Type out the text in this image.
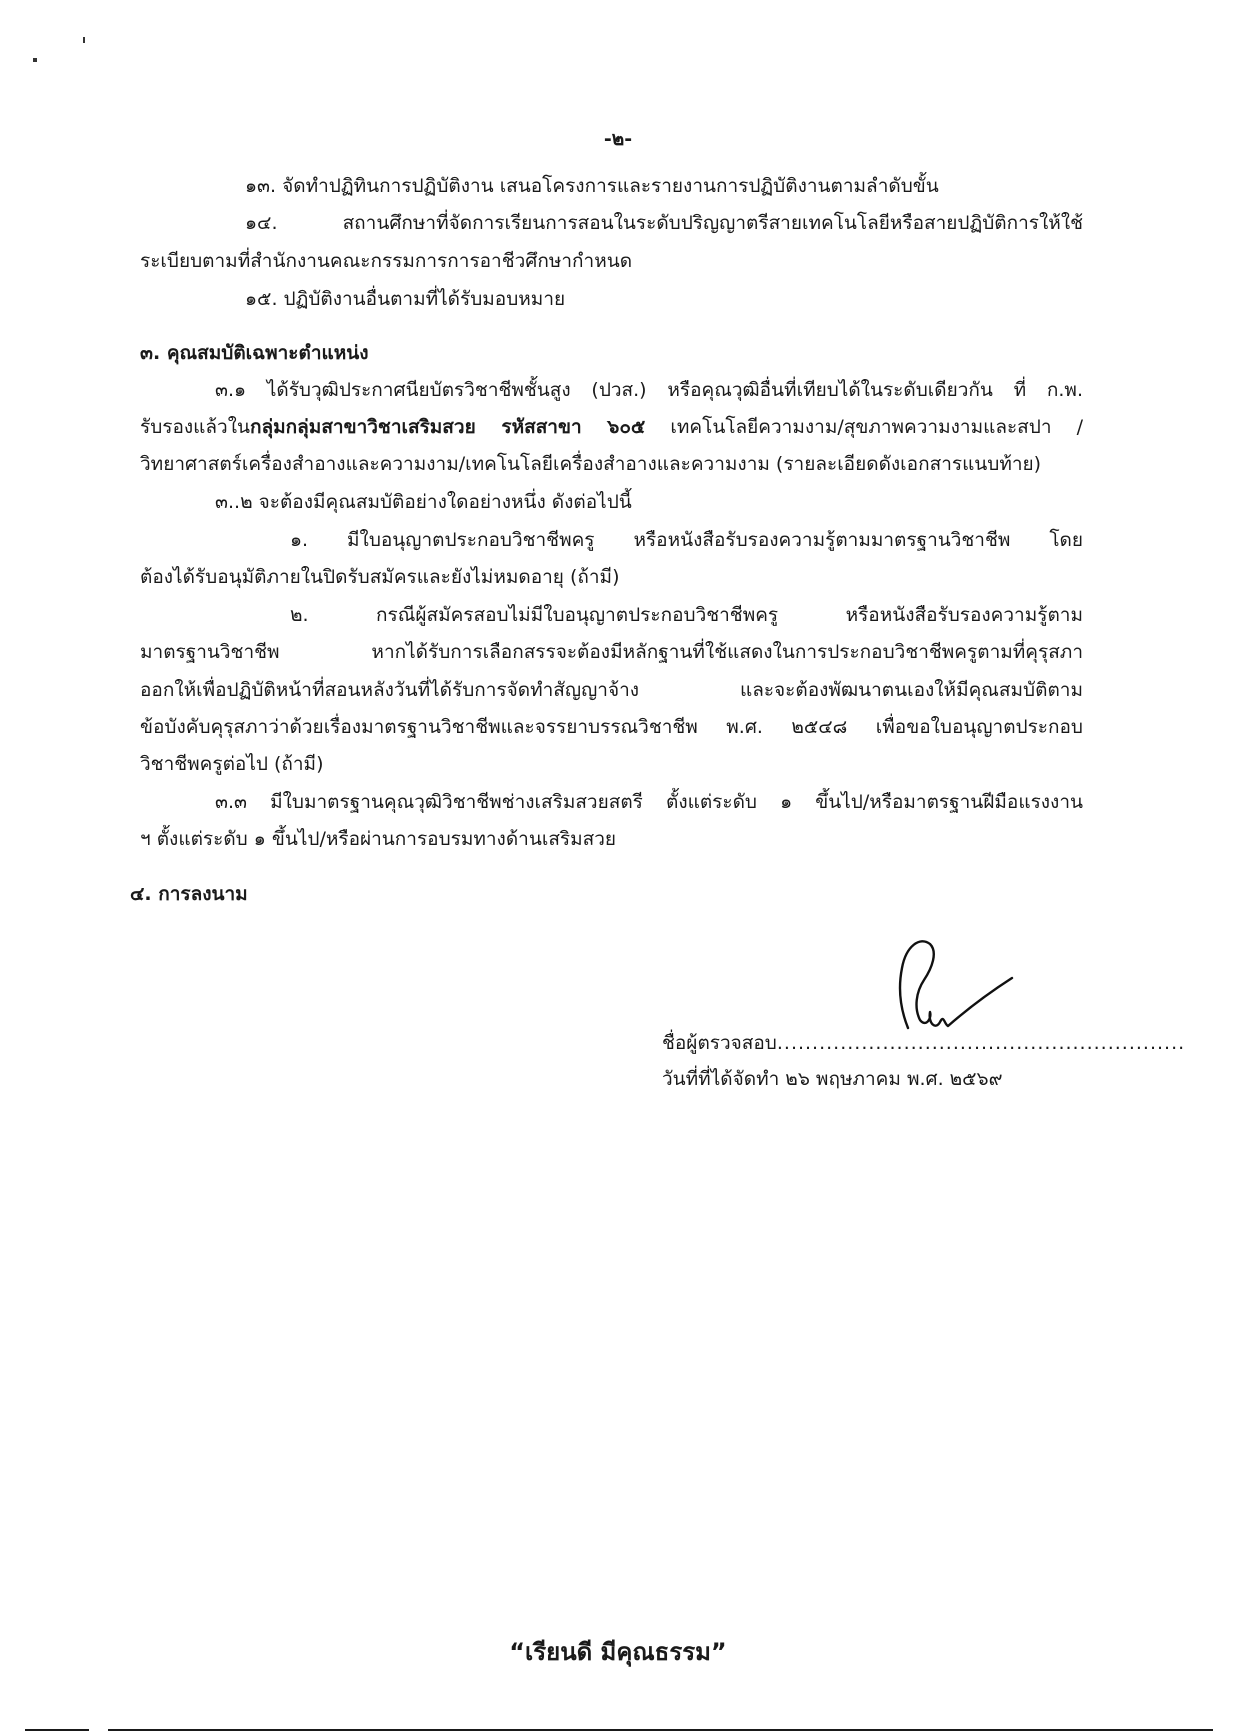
-๒-
๑๓. จัดทำปฏิทินการปฏิบัติงาน เสนอโครงการและรายงานการปฏิบัติงานตามลำดับขั้น
๑๔. สถานศึกษาที่จัดการเรียนการสอนในระดับปริญญาตรีสายเทคโนโลยีหรือสายปฏิบัติการให้ใช้
ระเบียบตามที่สำนักงานคณะกรรมการการอาชีวศึกษากำหนด
๑๕. ปฏิบัติงานอื่นตามที่ได้รับมอบหมาย
๓. คุณสมบัติเฉพาะตำแหน่ง
๓.๑ ได้รับวุฒิประกาศนียบัตรวิชาชีพชั้นสูง (ปวส.) หรือคุณวุฒิอื่นที่เทียบได้ในระดับเดียวกัน ที่ ก.พ.
รับรองแล้วในกลุ่มกลุ่มสาขาวิชาเสริมสวย รหัสสาขา ๖๐๕ เทคโนโลยีความงาม/สุขภาพความงามและสปา /
วิทยาศาสตร์เครื่องสำอางและความงาม/เทคโนโลยีเครื่องสำอางและความงาม (รายละเอียดดังเอกสารแนบท้าย)
๓..๒ จะต้องมีคุณสมบัติอย่างใดอย่างหนึ่ง ดังต่อไปนี้
๑. มีใบอนุญาตประกอบวิชาชีพครู หรือหนังสือรับรองความรู้ตามมาตรฐานวิชาชีพ โดย
ต้องได้รับอนุมัติภายในปิดรับสมัครและยังไม่หมดอายุ (ถ้ามี)
๒. กรณีผู้สมัครสอบไม่มีใบอนุญาตประกอบวิชาชีพครู หรือหนังสือรับรองความรู้ตาม
มาตรฐานวิชาชีพ หากได้รับการเลือกสรรจะต้องมีหลักฐานที่ใช้แสดงในการประกอบวิชาชีพครูตามที่คุรุสภา
ออกให้เพื่อปฏิบัติหน้าที่สอนหลังวันที่ได้รับการจัดทำสัญญาจ้าง และจะต้องพัฒนาตนเองให้มีคุณสมบัติตาม
ข้อบังคับคุรุสภาว่าด้วยเรื่องมาตรฐานวิชาชีพและจรรยาบรรณวิชาชีพ พ.ศ. ๒๕๔๘ เพื่อขอใบอนุญาตประกอบ
วิชาชีพครูต่อไป (ถ้ามี)
๓.๓ มีใบมาตรฐานคุณวุฒิวิชาชีพช่างเสริมสวยสตรี ตั้งแต่ระดับ ๑ ขึ้นไป/หรือมาตรฐานฝีมือแรงงาน
ฯ ตั้งแต่ระดับ ๑ ขึ้นไป/หรือผ่านการอบรมทางด้านเสริมสวย
๔. การลงนาม
ชื่อผู้ตรวจสอบ..........................................................
วันที่ที่ได้จัดทำ ๒๖ พฤษภาคม พ.ศ. ๒๕๖๙
“เรียนดี มีคุณธรรม”
